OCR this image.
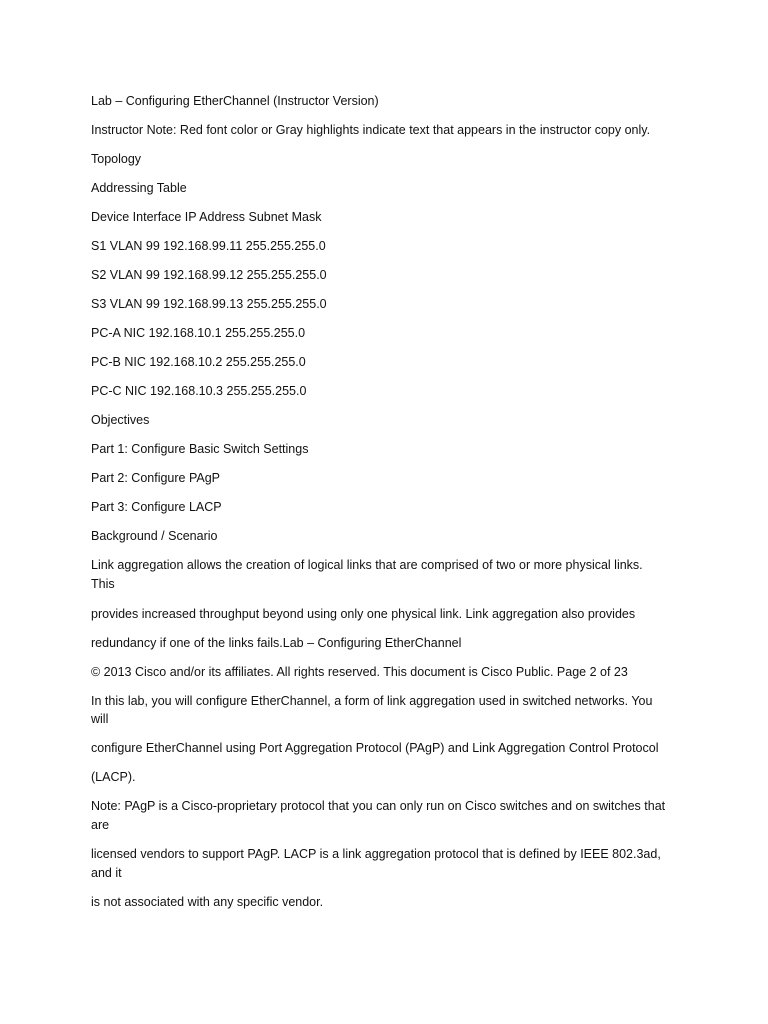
Lab – Configuring EtherChannel (Instructor Version)
Instructor Note: Red font color or Gray highlights indicate text that appears in the instructor copy only.
Topology
Addressing Table
Device Interface IP Address Subnet Mask
S1 VLAN 99 192.168.99.11 255.255.255.0
S2 VLAN 99 192.168.99.12 255.255.255.0
S3 VLAN 99 192.168.99.13 255.255.255.0
PC-A NIC 192.168.10.1 255.255.255.0
PC-B NIC 192.168.10.2 255.255.255.0
PC-C NIC 192.168.10.3 255.255.255.0
Objectives
Part 1: Configure Basic Switch Settings
Part 2: Configure PAgP
Part 3: Configure LACP
Background / Scenario
Link aggregation allows the creation of logical links that are comprised of two or more physical links.
This
provides increased throughput beyond using only one physical link. Link aggregation also provides
redundancy if one of the links fails.Lab – Configuring EtherChannel
© 2013 Cisco and/or its affiliates. All rights reserved. This document is Cisco Public. Page 2 of 23
In this lab, you will configure EtherChannel, a form of link aggregation used in switched networks. You
will
configure EtherChannel using Port Aggregation Protocol (PAgP) and Link Aggregation Control Protocol
(LACP).
Note: PAgP is a Cisco-proprietary protocol that you can only run on Cisco switches and on switches that
are
licensed vendors to support PAgP. LACP is a link aggregation protocol that is defined by IEEE 802.3ad,
and it
is not associated with any specific vendor.
